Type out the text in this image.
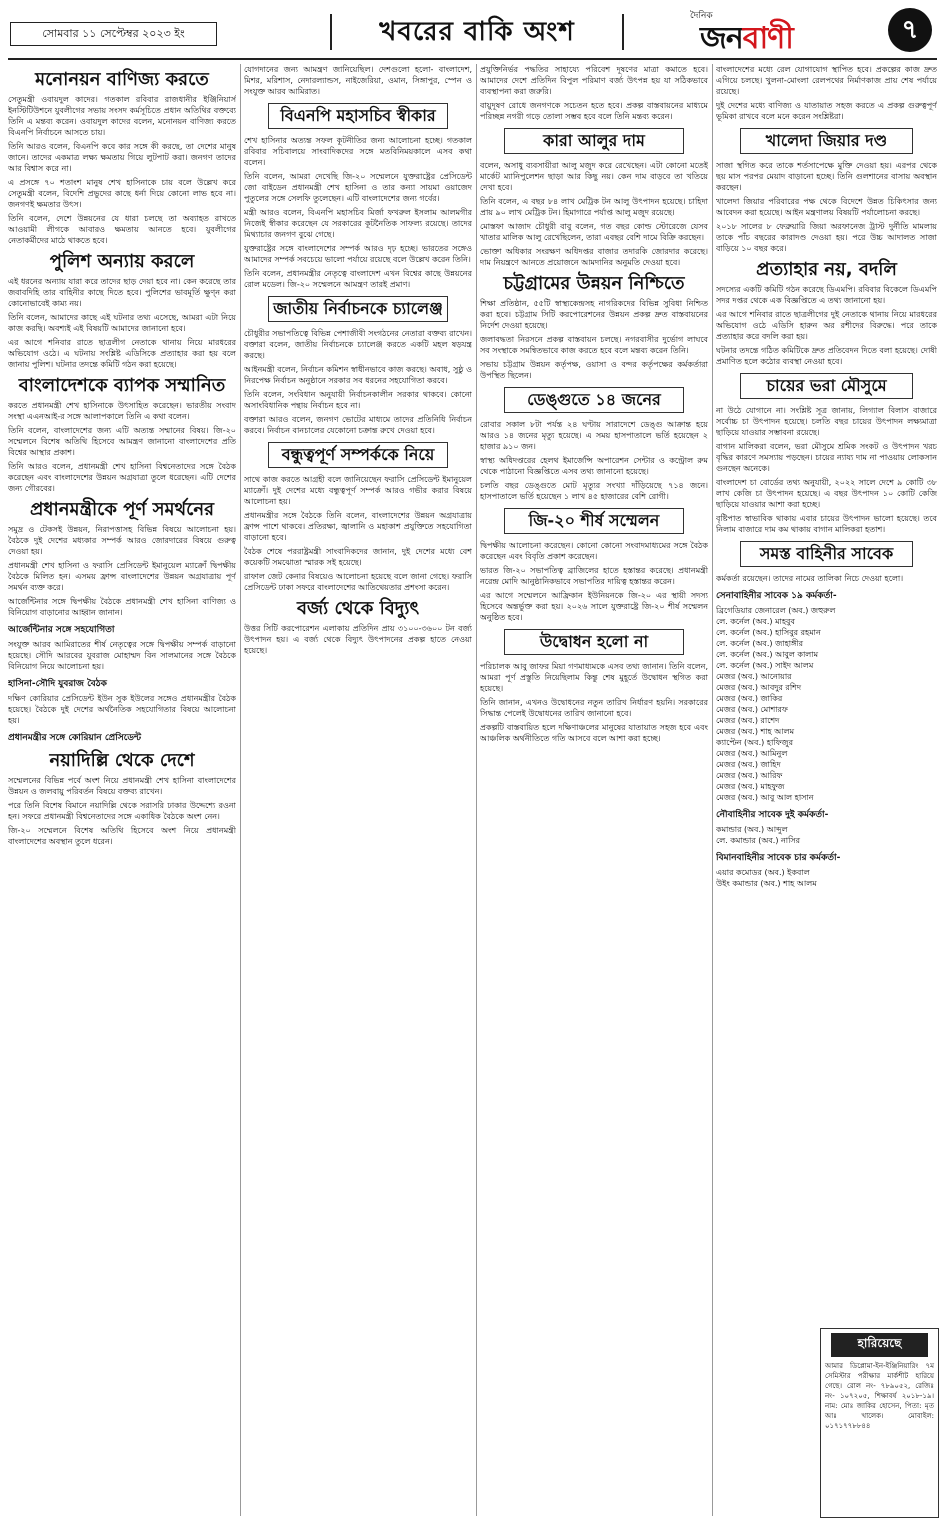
সোমবার ১১ সেপ্টেম্বর ২০২৩ ইং	খবরের বাকি অংশ
দৈনিক
জনবাণী	৭
মনোনয়ন বাণিজ্য করতে

সেতুমন্ত্রী ওবায়দুল কাদের। গতকাল রবিবার রাজধানীর ইঞ্জিনিয়ার্স ইনস্টিটিউশনে যুবলীগের সভায় সংসদ কর্মসূচিতে প্রধান অতিথির বক্তব্যে তিনি এ মন্তব্য করেন। ওবায়দুল কাদের বলেন, মনোনয়ন বাণিজ্য করতে বিএনপি নির্বাচনে আসতে চায়।

তিনি আরও বলেন, বিএনপি কবে কার সঙ্গে কী করছে, তা দেশের মানুষ জানে। তাদের একমাত্র লক্ষ্য ক্ষমতায় গিয়ে লুটপাট করা। জনগণ তাদের আর বিশ্বাস করে না।

এ প্রসঙ্গে ৭০ শতাংশ মানুষ শেখ হাসিনাকে চায় বলে উল্লেখ করে সেতুমন্ত্রী বলেন, বিদেশি প্রভুদের কাছে ধর্না দিয়ে কোনো লাভ হবে না। জনগণই ক্ষমতার উৎস।

তিনি বলেন, দেশে উন্নয়নের যে ধারা চলছে তা অব্যাহত রাখতে আওয়ামী লীগকে আবারও ক্ষমতায় আনতে হবে। যুবলীগের নেতাকর্মীদের মাঠে থাকতে হবে।

পুলিশ অন্যায় করলে

এই ধরনের অন্যায় যারা করে তাদের ছাড় দেয়া হবে না। কেন করেছে তার জবাবদিহি তার বাহিনীর কাছে দিতে হবে। পুলিশের ভাবমূর্তি ক্ষুণ্ন করা কোনোভাবেই কাম্য নয়।

তিনি বলেন, আমাদের কাছে এই ঘটনার তথ্য এসেছে, আমরা এটা নিয়ে কাজ করছি। অবশ্যই এই বিষয়টি আমাদের জানানো হবে।

এর আগে শনিবার রাতে ছাত্রলীগ নেতাকে থানায় নিয়ে মারধরের অভিযোগ ওঠে। এ ঘটনায় সংশ্লিষ্ট এডিসিকে প্রত্যাহার করা হয় বলে জানায় পুলিশ। ঘটনার তদন্তে কমিটি গঠন করা হয়েছে।

বাংলাদেশকে ব্যাপক সম্মানিত

করতে প্রধানমন্ত্রী শেখ হাসিনাকে উৎসাহিত করেছেন। ভারতীয় সংবাদ সংস্থা এএনআই-র সঙ্গে আলাপকালে তিনি এ কথা বলেন।

তিনি বলেন, বাংলাদেশের জন্য এটি অত্যন্ত সম্মানের বিষয়। জি-২০ সম্মেলনে বিশেষ অতিথি হিসেবে আমন্ত্রণ জানানো বাংলাদেশের প্রতি বিশ্বের আস্থার প্রকাশ।

তিনি আরও বলেন, প্রধানমন্ত্রী শেখ হাসিনা বিশ্বনেতাদের সঙ্গে বৈঠক করেছেন এবং বাংলাদেশের উন্নয়ন অগ্রযাত্রা তুলে ধরেছেন। এটি দেশের জন্য গৌরবের।

প্রধানমন্ত্রীকে পূর্ণ সমর্থনের

সমুদ্র ও টেকসই উন্নয়ন, নিরাপত্তাসহ বিভিন্ন বিষয়ে আলোচনা হয়। বৈঠকে দুই দেশের মধ্যকার সম্পর্ক আরও জোরদারের বিষয়ে গুরুত্ব দেওয়া হয়।

প্রধানমন্ত্রী শেখ হাসিনা ও ফরাসি প্রেসিডেন্ট ইমানুয়েল ম্যাক্রোঁ দ্বিপক্ষীয় বৈঠকে মিলিত হন। এসময় ফ্রান্স বাংলাদেশের উন্নয়ন অগ্রযাত্রায় পূর্ণ সমর্থন ব্যক্ত করে।

আর্জেন্টিনার সঙ্গে দ্বিপক্ষীয় বৈঠকে প্রধানমন্ত্রী শেখ হাসিনা বাণিজ্য ও বিনিয়োগ বাড়ানোর আহ্বান জানান।

আর্জেন্টিনার সঙ্গে সহযোগিতা

সংযুক্ত আরব আমিরাতের শীর্ষ নেতৃত্বের সঙ্গে দ্বিপক্ষীয় সম্পর্ক বাড়ানো হয়েছে। সৌদি আরবের যুবরাজ মোহাম্মদ বিন সালমানের সঙ্গে বৈঠকে বিনিয়োগ নিয়ে আলোচনা হয়।

হাসিনা-সৌদি যুবরাজ বৈঠক

দক্ষিণ কোরিয়ার প্রেসিডেন্ট ইউন সুক ইউলের সঙ্গেও প্রধানমন্ত্রীর বৈঠক হয়েছে। বৈঠকে দুই দেশের অর্থনৈতিক সহযোগিতার বিষয়ে আলোচনা হয়।

প্রধানমন্ত্রীর সঙ্গে কোরিয়ান প্রেসিডেন্ট
নয়াদিল্লি থেকে দেশে

সম্মেলনের বিভিন্ন পর্বে অংশ নিয়ে প্রধানমন্ত্রী শেখ হাসিনা বাংলাদেশের উন্নয়ন ও জলবায়ু পরিবর্তন বিষয়ে বক্তব্য রাখেন।

পরে তিনি বিশেষ বিমানে নয়াদিল্লি থেকে সরাসরি ঢাকার উদ্দেশ্যে রওনা হন। সফরে প্রধানমন্ত্রী বিশ্বনেতাদের সঙ্গে একাধিক বৈঠকে অংশ নেন।

জি-২০ সম্মেলনে বিশেষ অতিথি হিসেবে অংশ নিয়ে প্রধানমন্ত্রী বাংলাদেশের অবস্থান তুলে ধরেন।

যোগদানের জন্য আমন্ত্রণ জানিয়েছিল। দেশগুলো হলো- বাংলাদেশ, মিশর, মরিশাস, নেদারল্যান্ডস, নাইজেরিয়া, ওমান, সিঙ্গাপুর, স্পেন ও সংযুক্ত আরব আমিরাত।

বিএনপি মহাসচিব স্বীকার

শেখ হাসিনার অত্যন্ত সফল কূটনীতির জন্য আলোচনা হচ্ছে। গতকাল রবিবার সচিবালয়ে সাংবাদিকদের সঙ্গে মতবিনিময়কালে এসব কথা বলেন।

তিনি বলেন, আমরা দেখেছি জি-২০ সম্মেলনে যুক্তরাষ্ট্রের প্রেসিডেন্ট জো বাইডেন প্রধানমন্ত্রী শেখ হাসিনা ও তার কন্যা সায়মা ওয়াজেদ পুতুলের সঙ্গে সেলফি তুলেছেন। এটি বাংলাদেশের জন্য গর্বের।

মন্ত্রী আরও বলেন, বিএনপি মহাসচিব মির্জা ফখরুল ইসলাম আলমগীর নিজেই স্বীকার করেছেন যে সরকারের কূটনৈতিক সাফল্য রয়েছে। তাদের মিথ্যাচার জনগণ বুঝে গেছে।

যুক্তরাষ্ট্রের সঙ্গে বাংলাদেশের সম্পর্ক আরও দৃঢ় হচ্ছে। ভারতের সঙ্গেও আমাদের সম্পর্ক সবচেয়ে ভালো পর্যায়ে রয়েছে বলে উল্লেখ করেন তিনি।

তিনি বলেন, প্রধানমন্ত্রীর নেতৃত্বে বাংলাদেশ এখন বিশ্বের কাছে উন্নয়নের রোল মডেল। জি-২০ সম্মেলনে আমন্ত্রণ তারই প্রমাণ।

জাতীয় নির্বাচনকে চ্যালেঞ্জ

চৌধুরীর সভাপতিত্বে বিভিন্ন পেশাজীবী সংগঠনের নেতারা বক্তব্য রাখেন। বক্তারা বলেন, জাতীয় নির্বাচনকে চ্যালেঞ্জ করতে একটি মহল ষড়যন্ত্র করছে।

আইনমন্ত্রী বলেন, নির্বাচন কমিশন স্বাধীনভাবে কাজ করছে। অবাধ, সুষ্ঠু ও নিরপেক্ষ নির্বাচন অনুষ্ঠানে সরকার সব ধরনের সহযোগিতা করবে।

তিনি বলেন, সংবিধান অনুযায়ী নির্বাচনকালীন সরকার থাকবে। কোনো অসাংবিধানিক পন্থায় নির্বাচন হবে না।

বক্তারা আরও বলেন, জনগণ ভোটের মাধ্যমে তাদের প্রতিনিধি নির্বাচন করবে। নির্বাচন বানচালের যেকোনো চক্রান্ত রুখে দেওয়া হবে।

বন্ধুত্বপূর্ণ সম্পর্ককে নিয়ে

সাথে কাজ করতে আগ্রহী বলে জানিয়েছেন ফরাসি প্রেসিডেন্ট ইমানুয়েল ম্যাক্রোঁ। দুই দেশের মধ্যে বন্ধুত্বপূর্ণ সম্পর্ক আরও গভীর করার বিষয়ে আলোচনা হয়।

প্রধানমন্ত্রীর সঙ্গে বৈঠকে তিনি বলেন, বাংলাদেশের উন্নয়ন অগ্রযাত্রায় ফ্রান্স পাশে থাকবে। প্রতিরক্ষা, জ্বালানি ও মহাকাশ প্রযুক্তিতে সহযোগিতা বাড়ানো হবে।

বৈঠক শেষে পররাষ্ট্রমন্ত্রী সাংবাদিকদের জানান, দুই দেশের মধ্যে বেশ কয়েকটি সমঝোতা স্মারক সই হয়েছে।

রাফাল জেট কেনার বিষয়েও আলোচনা হয়েছে বলে জানা গেছে। ফরাসি প্রেসিডেন্ট ঢাকা সফরে বাংলাদেশের আতিথেয়তার প্রশংসা করেন।

বর্জ্য থেকে বিদ্যুৎ

উত্তর সিটি করপোরেশন এলাকায় প্রতিদিন প্রায় ৩১০০-৩৬০০ টন বর্জ্য উৎপাদন হয়। এ বর্জ্য থেকে বিদ্যুৎ উৎপাদনের প্রকল্প হাতে নেওয়া হয়েছে।

প্রযুক্তিনির্ভর পদ্ধতির সাহায্যে পরিবেশ দূষণের মাত্রা কমাতে হবে। আমাদের দেশে প্রতিদিন বিপুল পরিমাণ বর্জ্য উৎপন্ন হয় যা সঠিকভাবে ব্যবস্থাপনা করা জরুরি।

বায়ুদূষণ রোধে জনগণকে সচেতন হতে হবে। প্রকল্প বাস্তবায়নের মাধ্যমে পরিচ্ছন্ন নগরী গড়ে তোলা সম্ভব হবে বলে তিনি মন্তব্য করেন।

কারা আলুর দাম

বলেন, অসাধু ব্যবসায়ীরা আলু মজুদ করে রেখেছেন। এটা কোনো মতেই মার্কেট ম্যানিপুলেশন ছাড়া আর কিছু নয়। কেন দাম বাড়বে তা খতিয়ে দেখা হবে।

তিনি বলেন, এ বছর ৮৪ লাখ মেট্রিক টন আলু উৎপাদন হয়েছে। চাহিদা প্রায় ৯০ লাখ মেট্রিক টন। হিমাগারে পর্যাপ্ত আলু মজুদ রয়েছে।

মোস্তফা আজাদ চৌধুরী বাবু বলেন, গত বছর কোল্ড স্টোরেজে যেসব খাতার মালিক আলু রেখেছিলেন, তারা এবছর বেশি দামে বিক্রি করছেন।

ভোক্তা অধিকার সংরক্ষণ অধিদপ্তর বাজার তদারকি জোরদার করেছে। দাম নিয়ন্ত্রণে আনতে প্রয়োজনে আমদানির অনুমতি দেওয়া হবে।

চট্টগ্রামের উন্নয়ন নিশ্চিতে

শিক্ষা প্রতিষ্ঠান, ৫৫টি স্বাস্থ্যকেন্দ্রসহ নাগরিকদের বিভিন্ন সুবিধা নিশ্চিত করা হবে। চট্টগ্রাম সিটি করপোরেশনের উন্নয়ন প্রকল্প দ্রুত বাস্তবায়নের নির্দেশ দেওয়া হয়েছে।

জলাবদ্ধতা নিরসনে প্রকল্প বাস্তবায়ন চলছে। নগরবাসীর দুর্ভোগ লাঘবে সব সংস্থাকে সমন্বিতভাবে কাজ করতে হবে বলে মন্তব্য করেন তিনি।

সভায় চট্টগ্রাম উন্নয়ন কর্তৃপক্ষ, ওয়াসা ও বন্দর কর্তৃপক্ষের কর্মকর্তারা উপস্থিত ছিলেন।

ডেঙ্গুতে ১৪ জনের

রোবার সকাল ৮টা পর্যন্ত ২৪ ঘণ্টায় সারাদেশে ডেঙ্গু আক্রান্ত হয়ে আরও ১৪ জনের মৃত্যু হয়েছে। এ সময় হাসপাতালে ভর্তি হয়েছেন ২ হাজার ৯১০ জন।

স্বাস্থ্য অধিদপ্তরের হেলথ ইমার্জেন্সি অপারেশন সেন্টার ও কন্ট্রোল রুম থেকে পাঠানো বিজ্ঞপ্তিতে এসব তথ্য জানানো হয়েছে।

চলতি বছর ডেঙ্গুতে মোট মৃত্যুর সংখ্যা দাঁড়িয়েছে ৭১৪ জনে। হাসপাতালে ভর্তি হয়েছেন ১ লাখ ৪৫ হাজারের বেশি রোগী।

জি-২০ শীর্ষ সম্মেলন

দ্বিপক্ষীয় আলোচনা করেছেন। কোনো কোনো সংবাদমাধ্যমের সঙ্গে বৈঠক করেছেন এবং বিবৃতি প্রকাশ করেছেন।

ভারত জি-২০ সভাপতিত্ব ব্রাজিলের হাতে হস্তান্তর করেছে। প্রধানমন্ত্রী নরেন্দ্র মোদি আনুষ্ঠানিকভাবে সভাপতির দায়িত্ব হস্তান্তর করেন।

এর আগে সম্মেলনে আফ্রিকান ইউনিয়নকে জি-২০ এর স্থায়ী সদস্য হিসেবে অন্তর্ভুক্ত করা হয়। ২০২৬ সালে যুক্তরাষ্ট্রে জি-২০ শীর্ষ সম্মেলন অনুষ্ঠিত হবে।

উদ্বোধন হলো না

পরিচালক আবু জাফর মিয়া গণমাধ্যমকে এসব তথ্য জানান। তিনি বলেন, আমরা পূর্ণ প্রস্তুতি নিয়েছিলাম কিন্তু শেষ মুহূর্তে উদ্বোধন স্থগিত করা হয়েছে।

তিনি জানান, এখনও উদ্বোধনের নতুন তারিখ নির্ধারণ হয়নি। সরকারের সিদ্ধান্ত পেলেই উদ্বোধনের তারিখ জানানো হবে।

প্রকল্পটি বাস্তবায়িত হলে দক্ষিণাঞ্চলের মানুষের যাতায়াত সহজ হবে এবং আঞ্চলিক অর্থনীতিতে গতি আসবে বলে আশা করা হচ্ছে।

বাংলাদেশের মধ্যে রেল যোগাযোগ স্থাপিত হবে। প্রকল্পের কাজ দ্রুত এগিয়ে চলছে। খুলনা-মোংলা রেলপথের নির্মাণকাজ প্রায় শেষ পর্যায়ে রয়েছে।

দুই দেশের মধ্যে বাণিজ্য ও যাতায়াত সহজ করতে এ প্রকল্প গুরুত্বপূর্ণ ভূমিকা রাখবে বলে মনে করেন সংশ্লিষ্টরা।

খালেদা জিয়ার দণ্ড

সাজা স্থগিত করে তাকে শর্তসাপেক্ষে মুক্তি দেওয়া হয়। এরপর থেকে ছয় মাস পরপর মেয়াদ বাড়ানো হচ্ছে। তিনি গুলশানের বাসায় অবস্থান করছেন।

খালেদা জিয়ার পরিবারের পক্ষ থেকে বিদেশে উন্নত চিকিৎসার জন্য আবেদন করা হয়েছে। আইন মন্ত্রণালয় বিষয়টি পর্যালোচনা করছে।

২০১৮ সালের ৮ ফেব্রুয়ারি জিয়া অরফানেজ ট্রাস্ট দুর্নীতি মামলায় তাকে পাঁচ বছরের কারাদণ্ড দেওয়া হয়। পরে উচ্চ আদালত সাজা বাড়িয়ে ১০ বছর করে।

প্রত্যাহার নয়, বদলি

সদস্যের একটি কমিটি গঠন করেছে ডিএমপি। রবিবার বিকেলে ডিএমপি সদর দপ্তর থেকে এক বিজ্ঞপ্তিতে এ তথ্য জানানো হয়।

এর আগে শনিবার রাতে ছাত্রলীগের দুই নেতাকে থানায় নিয়ে মারধরের অভিযোগ ওঠে এডিসি হারুন অর রশীদের বিরুদ্ধে। পরে তাকে প্রত্যাহার করে বদলি করা হয়।

ঘটনার তদন্তে গঠিত কমিটিকে দ্রুত প্রতিবেদন দিতে বলা হয়েছে। দোষী প্রমাণিত হলে কঠোর ব্যবস্থা নেওয়া হবে।

চায়ের ভরা মৌসুমে

না উঠে যোগানে না। সংশ্লিষ্ট সূত্র জানায়, লিগ্যাল বিলাস বাজারে সর্বোচ্চ চা উৎপাদন হয়েছে। চলতি বছর চায়ের উৎপাদন লক্ষ্যমাত্রা ছাড়িয়ে যাওয়ার সম্ভাবনা রয়েছে।

বাগান মালিকরা বলেন, ভরা মৌসুমে শ্রমিক সংকট ও উৎপাদন খরচ বৃদ্ধির কারণে সমস্যায় পড়ছেন। চায়ের ন্যায্য দাম না পাওয়ায় লোকসান গুনছেন অনেকে।

বাংলাদেশ চা বোর্ডের তথ্য অনুযায়ী, ২০২২ সালে দেশে ৯ কোটি ৩৮ লাখ কেজি চা উৎপাদন হয়েছে। এ বছর উৎপাদন ১০ কোটি কেজি ছাড়িয়ে যাওয়ার আশা করা হচ্ছে।

বৃষ্টিপাত স্বাভাবিক থাকায় এবার চায়ের উৎপাদন ভালো হয়েছে। তবে নিলাম বাজারে দাম কম থাকায় বাগান মালিকরা হতাশ।

সমস্ত বাহিনীর সাবেক

কর্মকর্তা রয়েছেন। তাদের নামের তালিকা নিচে দেওয়া হলো।

সেনাবাহিনীর সাবেক ১৯ কর্মকর্তা-
ব্রিগেডিয়ার জেনারেল (অব.) জহুরুল
লে. কর্নেল (অব.) মাহবুব
লে. কর্নেল (অব.) হাসিবুর রহমান
লে. কর্নেল (অব.) জাহাঙ্গীর
লে. কর্নেল (অব.) আবুল কালাম
লে. কর্নেল (অব.) সাইদ আলম
মেজর (অব.) আনোয়ার
মেজর (অব.) আবদুর রশিদ
মেজর (অব.) জাকির
মেজর (অব.) মোশারফ
মেজর (অব.) রাশেদ
মেজর (অব.) শাহ আলম
ক্যাপ্টেন (অব.) হাফিজুর
মেজর (অব.) আমিনুল
মেজর (অব.) জাহিদ
মেজর (অব.) আরিফ
মেজর (অব.) মাহফুজ
মেজর (অব.) আবু আল হাসান
নৌবাহিনীর সাবেক দুই কর্মকর্তা-
কমান্ডার (অব.) আব্দুল
লে. কমান্ডার (অব.) নাসির
বিমানবাহিনীর সাবেক চার কর্মকর্তা-
এয়ার কমোডর (অব.) ইকবাল
উইং কমান্ডার (অব.) শাহ আলম
হারিয়েছে

আমার ডিপ্লোমা-ইন-ইঞ্জিনিয়ারিং ৭ম সেমিস্টার পরীক্ষার মার্কশীট হারিয়ে গেছে। রোল নং- ৭৮৯০৫২, রেজিঃ নং- ১০৭২০৫, শিক্ষাবর্ষ ২০১৮-১৯। নাম: মোঃ জাকির হোসেন, পিতা: মৃত আঃ খালেক। মোবাইল: ০১৭১৭৭৮৮৪৪
